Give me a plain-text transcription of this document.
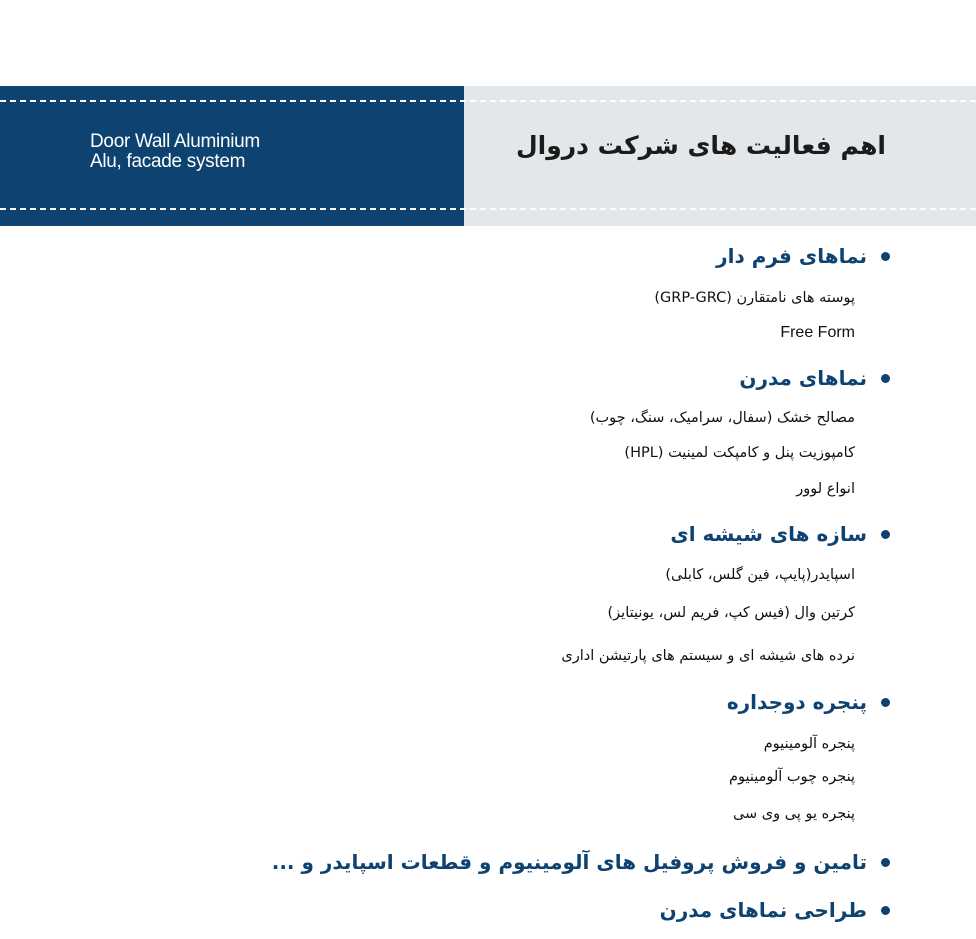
Door Wall Aluminium
Alu, facade system

اهم فعالیت های شرکت دروال
نماهای فرم دار

پوسته های نامتقارن (GRP-GRC)

Free Form

نماهای مدرن

مصالح خشک (سفال، سرامیک، سنگ، چوب)

کامپوزیت پنل و کامپکت لمینیت (HPL)

انواع لوور

سازه های شیشه ای

اسپایدر(پایپ، فین گلس، کابلی)

کرتین وال (فیس کپ، فریم لس، یونیتایز)

نرده های شیشه ای و سیستم های پارتیشن اداری

پنجره دوجداره

پنجره آلومینیوم

پنجره چوب آلومینیوم

پنجره یو پی وی سی

تامین و فروش پروفیل های آلومینیوم و قطعات اسپایدر و ...
طراحی نماهای مدرن
